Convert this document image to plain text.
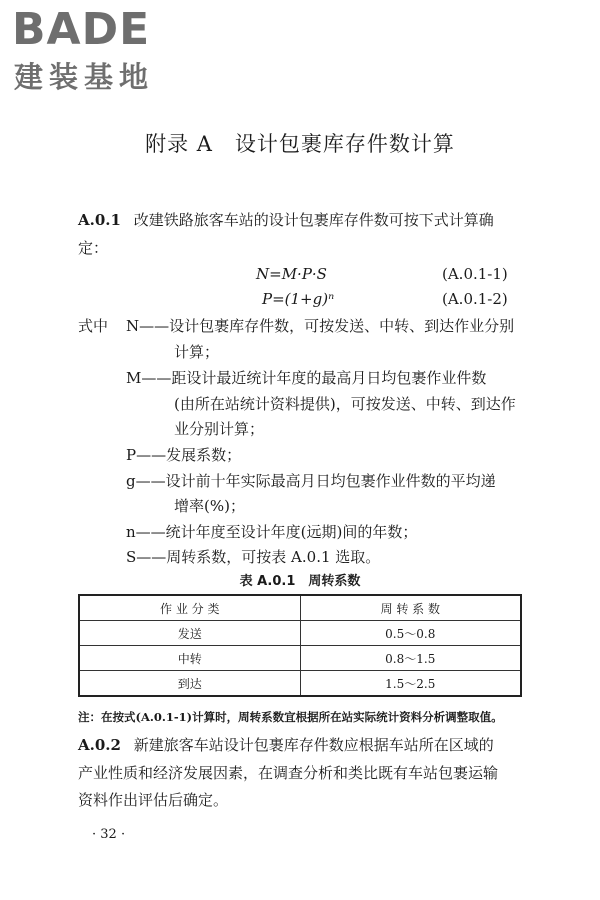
BADE
建装基地
附录 A　设计包裹库存件数计算
A.0.1 改建铁路旅客车站的设计包裹库存件数可按下式计算确
定：
N=M·P·S	(A.0.1-1)
P=(1+g)ⁿ	(A.0.1-2)
式中 N——设计包裹库存件数，可按发送、中转、到达作业分别
计算；
M——距设计最近统计年度的最高月日均包裹作业件数
(由所在站统计资料提供)，可按发送、中转、到达作
业分别计算；
P——发展系数；
g——设计前十年实际最高月日均包裹作业件数的平均递
增率(%)；
n——统计年度至设计年度(远期)间的年数；
S——周转系数，可按表 A.0.1 选取。
表 A.0.1　周转系数
作 业 分 类	周 转 系 数
发送	0.5～0.8
中转	0.8～1.5
到达	1.5～2.5
注：在按式(A.0.1-1)计算时，周转系数宜根据所在站实际统计资料分析调整取值。
A.0.2 新建旅客车站设计包裹库存件数应根据车站所在区域的
产业性质和经济发展因素，在调查分析和类比既有车站包裹运输
资料作出评估后确定。
· 32 ·
